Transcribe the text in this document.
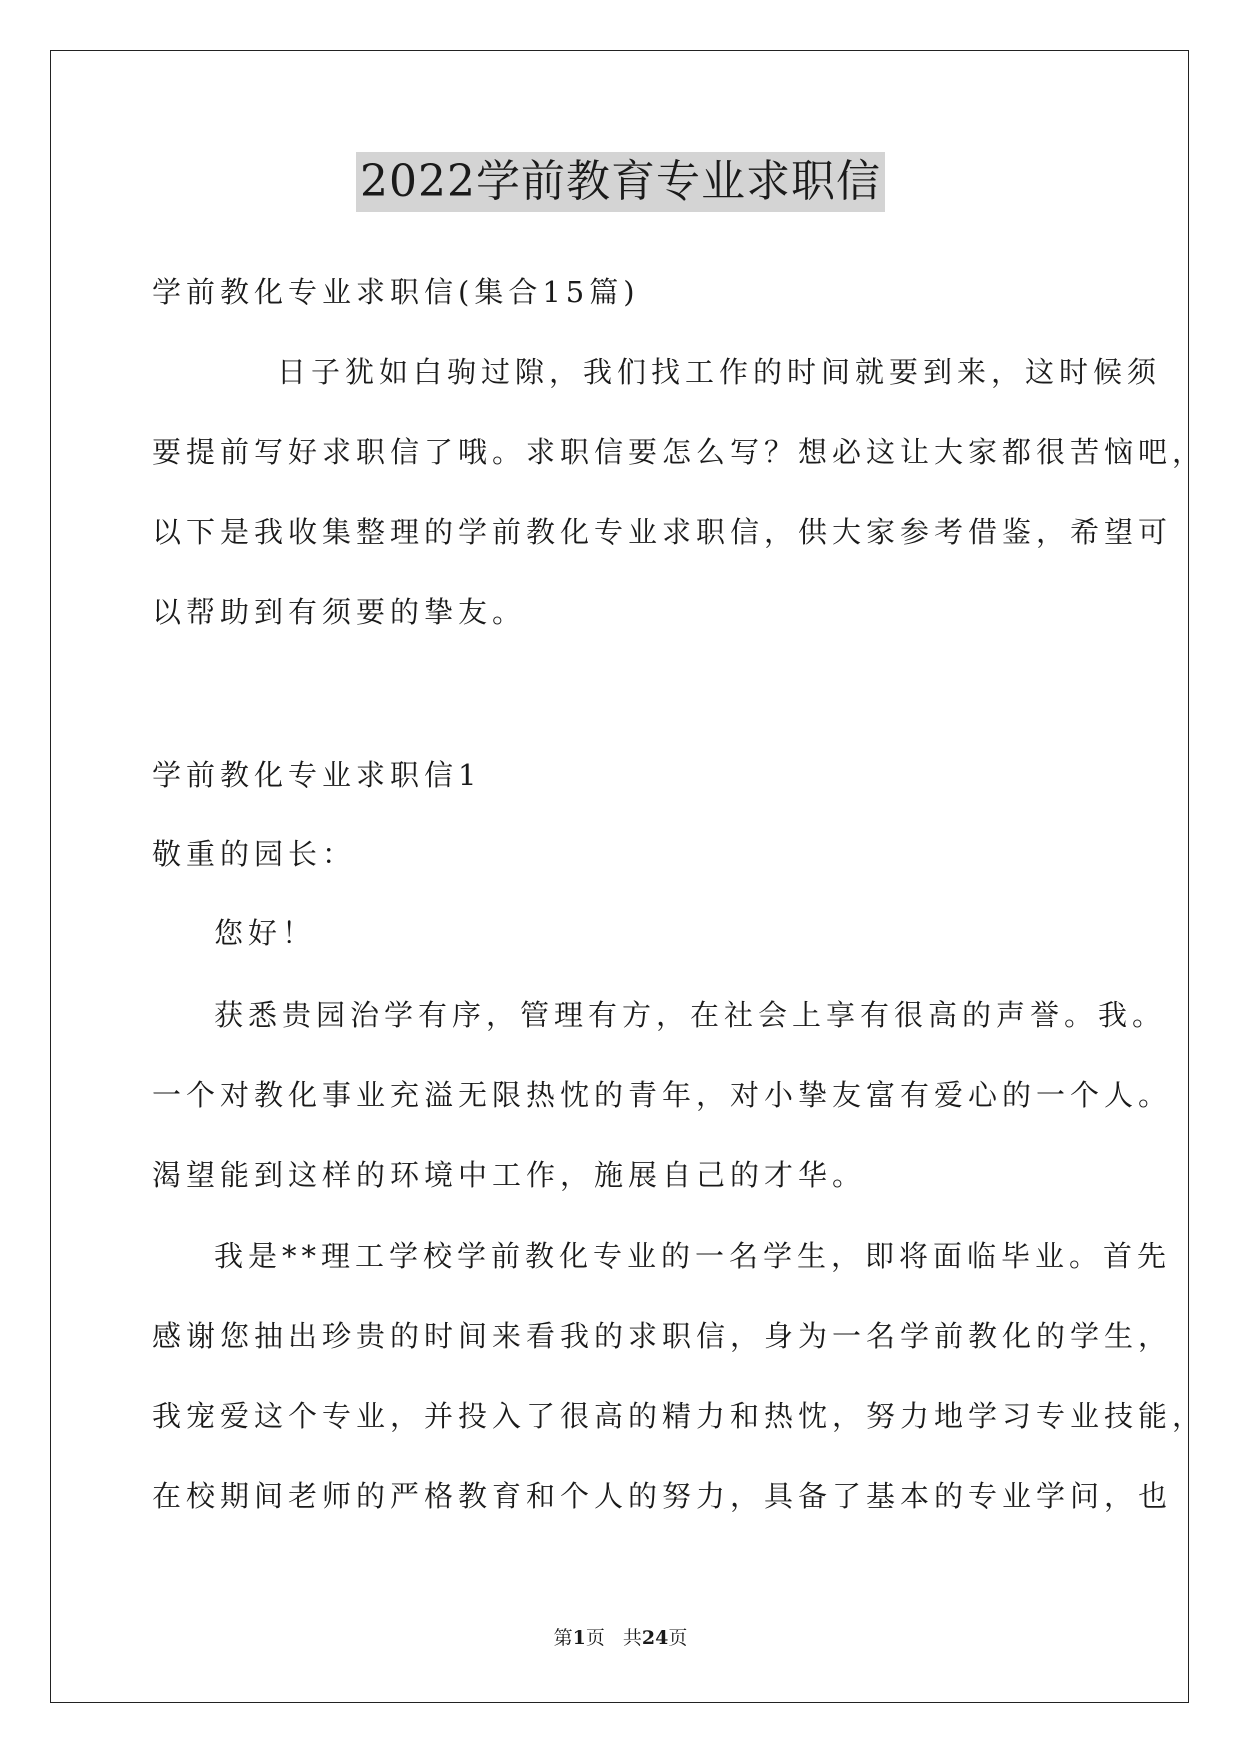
2022学前教育专业求职信
学前教化专业求职信(集合15篇)
日子犹如白驹过隙，我们找工作的时间就要到来，这时候须
要提前写好求职信了哦。求职信要怎么写？想必这让大家都很苦恼吧，
以下是我收集整理的学前教化专业求职信，供大家参考借鉴，希望可
以帮助到有须要的挚友。
学前教化专业求职信1
敬重的园长：
您好！
获悉贵园治学有序，管理有方，在社会上享有很高的声誉。我。
一个对教化事业充溢无限热忱的青年，对小挚友富有爱心的一个人。
渴望能到这样的环境中工作，施展自己的才华。
我是**理工学校学前教化专业的一名学生，即将面临毕业。首先
感谢您抽出珍贵的时间来看我的求职信，身为一名学前教化的学生，
我宠爱这个专业，并投入了很高的精力和热忱，努力地学习专业技能，
在校期间老师的严格教育和个人的努力，具备了基本的专业学问，也
第1页 共24页
